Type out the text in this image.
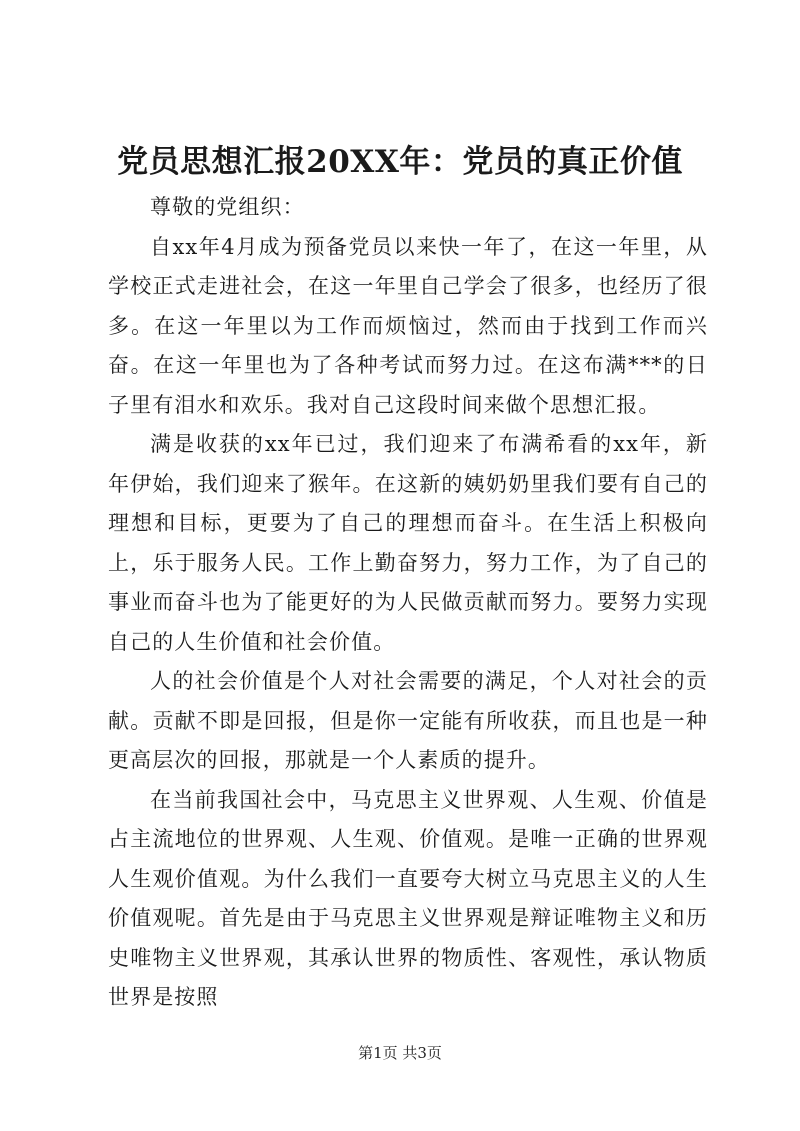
党员思想汇报20XX年：党员的真正价值

尊敬的党组织：

自xx年4月成为预备党员以来快一年了，在这一年里，从学校正式走进社会，在这一年里自己学会了很多，也经历了很多。在这一年里以为工作而烦恼过，然而由于找到工作而兴奋。在这一年里也为了各种考试而努力过。在这布满***的日子里有泪水和欢乐。我对自己这段时间来做个思想汇报。

满是收获的xx年已过，我们迎来了布满希看的xx年，新年伊始，我们迎来了猴年。在这新的姨奶奶里我们要有自己的理想和目标，更要为了自己的理想而奋斗。在生活上积极向上，乐于服务人民。工作上勤奋努力，努力工作，为了自己的事业而奋斗也为了能更好的为人民做贡献而努力。要努力实现自己的人生价值和社会价值。

人的社会价值是个人对社会需要的满足，个人对社会的贡献。贡献不即是回报，但是你一定能有所收获，而且也是一种更高层次的回报，那就是一个人素质的提升。

在当前我国社会中，马克思主义世界观、人生观、价值是占主流地位的世界观、人生观、价值观。是唯一正确的世界观人生观价值观。为什么我们一直要夸大树立马克思主义的人生价值观呢。首先是由于马克思主义世界观是辩证唯物主义和历史唯物主义世界观，其承认世界的物质性、客观性，承认物质世界是按照

第1页 共3页
